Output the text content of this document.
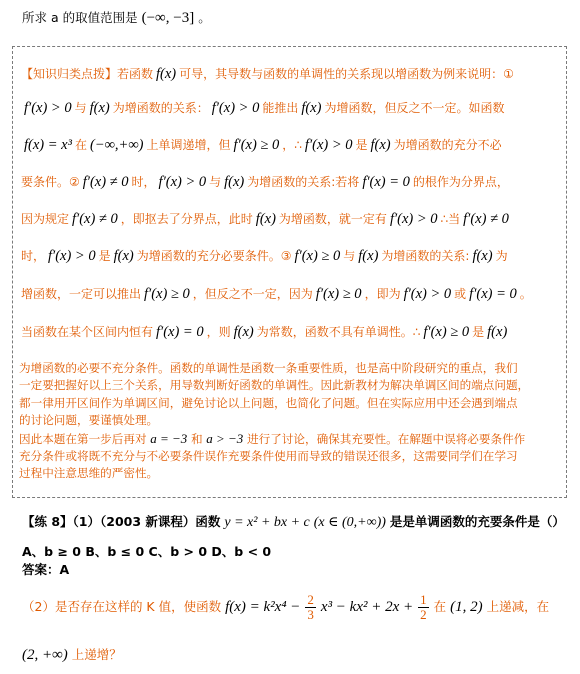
所求 a 的取值范围是 (−∞, −3] 。
【知识归类点拨】若函数 f(x) 可导，其导数与函数的单调性的关系现以增函数为例来说明：①
f′(x) > 0 与 f(x) 为增函数的关系： f′(x) > 0 能推出 f(x) 为增函数，但反之不一定。如函数
f(x) = x³ 在 (−∞,+∞) 上单调递增，但 f′(x) ≥ 0 ，∴ f′(x) > 0 是 f(x) 为增函数的充分不必
要条件。② f′(x) ≠ 0 时， f′(x) > 0 与 f(x) 为增函数的关系:若将 f′(x) = 0 的根作为分界点，
因为规定 f′(x) ≠ 0 ，即抠去了分界点，此时 f(x) 为增函数，就一定有 f′(x) > 0 ∴当 f′(x) ≠ 0
时， f′(x) > 0 是 f(x) 为增函数的充分必要条件。③ f′(x) ≥ 0 与 f(x) 为增函数的关系: f(x) 为
增函数，一定可以推出 f′(x) ≥ 0 ，但反之不一定，因为 f′(x) ≥ 0 ，即为 f′(x) > 0 或 f′(x) = 0 。
当函数在某个区间内恒有 f′(x) = 0 ，则 f(x) 为常数，函数不具有单调性。∴ f′(x) ≥ 0 是 f(x)
为增函数的必要不充分条件。函数的单调性是函数一条重要性质，也是高中阶段研究的重点，我们
一定要把握好以上三个关系，用导数判断好函数的单调性。因此新教材为解决单调区间的端点问题，
都一律用开区间作为单调区间，避免讨论以上问题，也简化了问题。但在实际应用中还会遇到端点
的讨论问题，要谨慎处理。
因此本题在第一步后再对 a = −3 和 a > −3 进行了讨论，确保其充要性。在解题中误将必要条件作
充分条件或将既不充分与不必要条件误作充要条件使用而导致的错误还很多，这需要同学们在学习
过程中注意思维的严密性。
【练 8】（1）（2003 新课程）函数 y = x² + bx + c (x ∈ (0,+∞)) 是是单调函数的充要条件是（）
A、b ≥ 0 B、b ≤ 0 C、b > 0 D、b < 0
答案：A
（2）是否存在这样的 K 值，使函数 $f(x) = k^2x^4 - \frac{2}{3} x^3 - kx^2 + 2x + \frac{1}{2}$ 在 (1, 2) 上递减，在
(2, +∞) 上递增？
